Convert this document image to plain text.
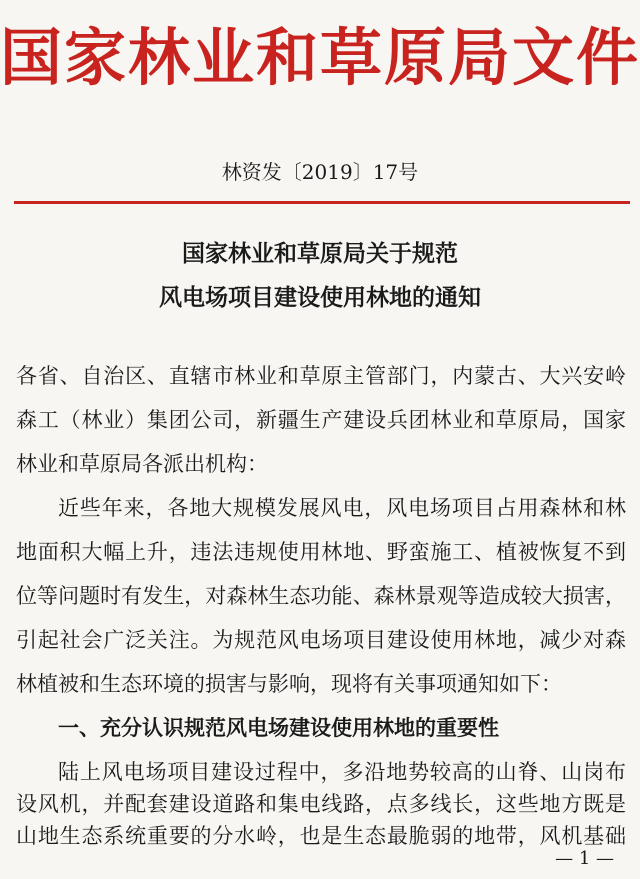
国家林业和草原局文件
林资发〔2019〕17号
国家林业和草原局关于规范
风电场项目建设使用林地的通知
各省、自治区、直辖市林业和草原主管部门，内蒙古、大兴安岭
森工（林业）集团公司，新疆生产建设兵团林业和草原局，国家
林业和草原局各派出机构：
近些年来，各地大规模发展风电，风电场项目占用森林和林
地面积大幅上升，违法违规使用林地、野蛮施工、植被恢复不到
位等问题时有发生，对森林生态功能、森林景观等造成较大损害，
引起社会广泛关注。为规范风电场项目建设使用林地，减少对森
林植被和生态环境的损害与影响，现将有关事项通知如下：
一、充分认识规范风电场建设使用林地的重要性
陆上风电场项目建设过程中，多沿地势较高的山脊、山岗布
设风机，并配套建设道路和集电线路，点多线长，这些地方既是
山地生态系统重要的分水岭，也是生态最脆弱的地带，风机基础
— 1 —
